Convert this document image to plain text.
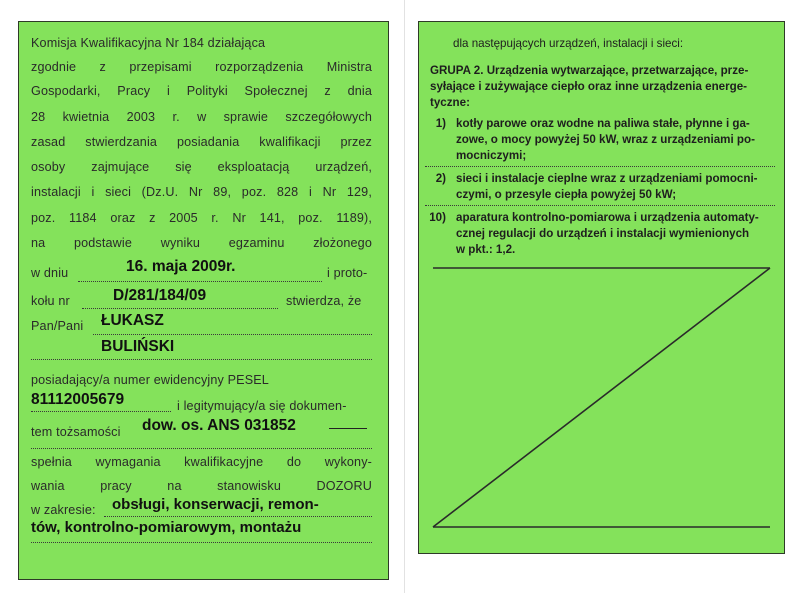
Komisja Kwalifikacyjna Nr 184 działająca
zgodnie z przepisami rozporządzenia Ministra
Gospodarki, Pracy i Polityki Społecznej z dnia
28 kwietnia 2003 r. w sprawie szczegółowych
zasad stwierdzania posiadania kwalifikacji przez
osoby zajmujące się eksploatacją urządzeń,
instalacji i sieci (Dz.U. Nr 89, poz. 828 i Nr 129,
poz. 1184 oraz z 2005 r. Nr 141, poz. 1189),
na podstawie wyniku egzaminu złożonego
w dniu	16. maja 2009r.	i proto-
kołu nr	D/281/184/09	stwierdza, że
Pan/Pani ŁUKASZ
BULIŃSKI
posiadający/a numer ewidencyjny PESEL
81112005679	i legitymujący/a się dokumen-
tem tożsamości dow. os. ANS 031852
spełnia wymagania kwalifikacyjne do wykony-
wania pracy na stanowisku DOZORU
w zakresie: obsługi, konserwacji, remon-
tów, kontrolno-pomiarowym, montażu
dla następujących urządzeń, instalacji i sieci:
GRUPA 2. Urządzenia wytwarzające, przetwarzające, prze-
syłające i zużywające ciepło oraz inne urządzenia energe-
tyczne:
1) kotły parowe oraz wodne na paliwa stałe, płynne i ga-
zowe, o mocy powyżej 50 kW, wraz z urządzeniami po-
mocniczymi;
2) sieci i instalacje cieplne wraz z urządzeniami pomocni-
czymi, o przesyle ciepła powyżej 50 kW;
10) aparatura kontrolno-pomiarowa i urządzenia automaty-
cznej regulacji do urządzeń i instalacji wymienionych
w pkt.: 1,2.
